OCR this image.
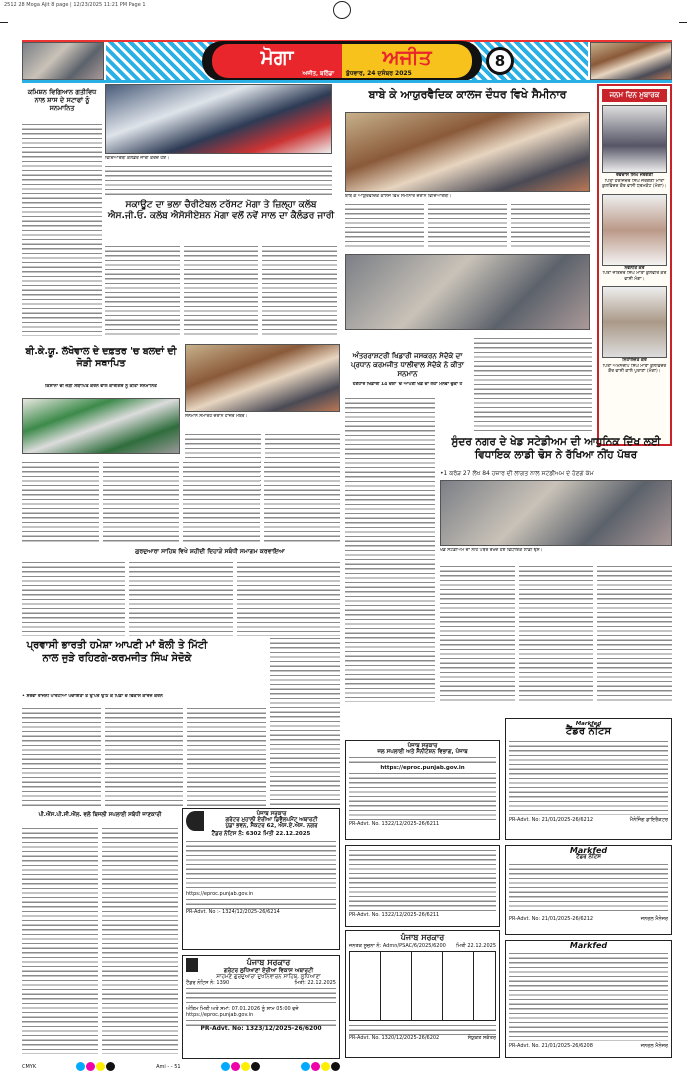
2512 28 Moga Ajit 8 page | 12/23/2025 11:21 PM Page 1
ਮੋਗਾ
ਅਜੀਤ, ਬਠਿੰਡਾ
ਅਜੀਤ
ਬੁੱਧਵਾਰ, 24 ਦਸੰਬਰ 2025
8
ਕਮਿਸ਼ਨ ਵਿਗਿਆਨ ਗਤੀਵਿਧ ਨਾਲ ਸ਼ਾਸ ਦੇ ਸਟਾਫਾਂ ਨੂੰ ਸਨਮਾਨਿਤ
ਵਿਦਿਆਰਥੀ ਕਲੰਡਰ ਜਾਰੀ ਕਰਦੇ ਹੋਏ।
ਸਕਾਊਟ ਦਾ ਭਲਾ ਚੈਰੀਟੇਬਲ ਟਰੱਸਟ ਮੋਗਾ ਤੇ ਜ਼ਿਲ੍ਹਾ ਕਲੱਬ ਐਸ.ਜੀ.ਓ. ਕਲੱਬ ਐਸੋਸੀਏਸ਼ਨ ਮੋਗਾ ਵਲੋਂ ਨਵੇਂ ਸਾਲ ਦਾ ਕੈਲੰਡਰ ਜਾਰੀ
ਬਾਬੇ ਕੇ ਆਯੁਰਵੈਦਿਕ ਕਾਲਜ ਦੌਧਰ ਵਿਖੇ ਸੈਮੀਨਾਰ
ਬਾਬੇ ਕੇ ਆਯੁਰਵੈਦਿਕ ਕਾਲਜ ਵਿਖੇ ਸੈਮੀਨਾਰ ਦੌਰਾਨ ਵਿਦਿਆਰਥੀ।
ਜਨਮ ਦਿਨ ਮੁਬਾਰਕ
ਰਵਦਾਸ ਸਿੰਘ ਜਰਗਣੀ
ਪਿਤਾ ਹਰਜਿੰਦਰ ਸਿੰਘ ਜਰਗਣੀ ਮਾਤਾ ਕੁਲਵਿੰਦਰ ਕੌਰ ਵਾਸੀ ਧਰਮਕੋਟ (ਮੋਗਾ)।
ਨਵਨੀਤ ਕੌਰ
ਪਿਤਾ ਜਤਿੰਦਰ ਸਿੰਘ ਮਾਤਾ ਕੁਲਵੀਰ ਕੌਰ ਵਾਸੀ ਮੋਗਾ।
ਨਿਹਾਲਜੋਤ ਕੌਰ
ਪਿਤਾ ਅਮਨਦੀਪ ਸਿੰਘ ਮਾਤਾ ਕੁਲਵਿੰਦਰ ਕੌਰ ਵਾਸੀ ਕਾਲੇ ਪੁਰਾਣਾ (ਮੋਗਾ)।
ਅੰਤਰਰਾਸ਼ਟਰੀ ਖਿਡਾਰੀ ਜਸਕਰਨ ਸੇਦੋਕੇ ਦਾ ਪ੍ਰਧਾਨ ਕਰਮਜੀਤ ਧਾਲੀਵਾਲ ਸੇਦੋਕੇ ਨੇ ਕੀਤਾ ਸਨਮਾਨ
ਹੋਣਹਾਰ ਖਿਡਾਰੀ 14 ਦੇਸ਼ਾਂ 'ਚ ਆਪਣੀ ਖੇਡ ਦਾ ਲੋਹਾ ਮਨਵਾ ਚੁੱਕਾ ਹੈ
ਬੀ.ਕੇ.ਯੂ. ਲੱਖੋਵਾਲ ਦੇ ਦਫ਼ਤਰ 'ਚ ਬਲਦਾਂ ਦੀ ਜੋੜੀ ਸਥਾਪਿਤ
ਕਿਸਾਨਾਂ ਦੀ ਜੋੜੀ ਸਥਾਪਿਤ ਕਰਨ ਵਾਲੇ ਕਾਰੀਗਰ ਨੂੰ ਕੀਤਾ ਸਨਮਾਨਿਤ
ਸਨਮਾਨ ਸਮਾਰੋਹ ਦੌਰਾਨ ਹਾਜ਼ਰ ਮੈਂਬਰ।
ਗੁਰਦੁਆਰਾ ਸਾਹਿਬ ਵਿਖੇ ਸ਼ਹੀਦੀ ਦਿਹਾੜੇ ਸਬੰਧੀ ਸਮਾਗਮ ਕਰਵਾਇਆ
ਸੁੰਦਰ ਨਗਰ ਦੇ ਖੇਡ ਸਟੇਡੀਅਮ ਦੀ ਆਧੁਨਿਕ ਦਿੱਖ ਲਈ ਵਿਧਾਇਕ ਲਾਡੀ ਢੋਸ ਨੇ ਰੱਖਿਆ ਨੀਂਹ ਪੱਥਰ
•1 ਕਰੋੜ 27 ਲੱਖ 84 ਹਜ਼ਾਰ ਦੀ ਲਾਗਤ ਨਾਲ ਸਟੇਡੀਅਮ ਦੇ ਹੋਣਗੇ ਕੰਮ
ਖੇਡ ਸਟੇਡੀਅਮ ਦਾ ਨੀਂਹ ਪੱਥਰ ਰੱਖਦੇ ਹੋਏ ਵਿਧਾਇਕ ਲਾਡੀ ਢੋਸ।
ਪ੍ਰਵਾਸੀ ਭਾਰਤੀ ਹਮੇਸ਼ਾ ਆਪਣੀ ਮਾਂ ਬੋਲੀ ਤੇ ਮਿੱਟੀ ਨਾਲ ਜੁੜੇ ਰਹਿਣਗੇ-ਕਰਮਜੀਤ ਸਿੰਘ ਸੇਦੋਕੇ
• ਸਰਵਾਂ ਰਾਜਨੀ ਪਾਰਟੀਆਂ ਪੰਚਾਇਤਾਂ ਤੋਂ ਉੱਪਰ ਉੱਠ ਕੇ ਪਿੰਡਾਂ ਦੇ ਵਿਕਾਸ ਕਾਰਜ ਕਰਨ
ਪੀ.ਐੱਸ.ਪੀ.ਸੀ.ਐੱਲ. ਵਲੋਂ ਬਿਜਲੀ ਸਪਲਾਈ ਸਬੰਧੀ ਜਾਣਕਾਰੀ	ਪੰਜਾਬ ਸਰਕਾਰ
ਗਰੇਟਰ ਮੁਹਾਲੀ ਏਰੀਆ ਡਿਵੈਲਪਮੈਂਟ ਅਥਾਰਟੀ
ਪੁੱਡਾ ਭਵਨ, ਸੈਕਟਰ 62, ਐਸ.ਏ.ਐਸ. ਨਗਰ
ਟੈਂਡਰ ਨੋਟਿਸ ਨੰ: 6302 ਮਿਤੀ 22.12.2025
https://eproc.punjab.gov.in
PR-Advt. No :- 1324/12/2025-26/6214
ਪੰਜਾਬ ਸਰਕਾਰ
ਗਰੇਟਰ ਲੁਧਿਆਣਾ ਏਰੀਆ ਵਿਕਾਸ ਅਥਾਰਟੀ
ਸਾਹਮਣੇ ਗੁਰਦੁਆਰਾ ਦੁਖਨਿਵਾਰਨ ਸਾਹਿਬ, ਲੁਧਿਆਣਾ
ਟੈਂਡਰ ਨੋਟਿਸ ਨੰ: 1390	ਮਿਤੀ: 22.12.2025
ਅੰਤਿਮ ਮਿਤੀ ਅਤੇ ਸਮਾਂ: 07.01.2026 ਨੂੰ ਸ਼ਾਮ 05:00 ਵਜੇ
https://eproc.punjab.gov.in
PR-Advt. No: 1323/12/2025-26/6200
ਪੰਜਾਬ ਸਰਕਾਰ
ਜਲ ਸਪਲਾਈ ਅਤੇ ਸੈਨੀਟੇਸ਼ਨ ਵਿਭਾਗ, ਪੰਜਾਬ
https://eproc.punjab.gov.in
PR-Advt. No. 1322/12/2025-26/6211
PR-Advt. No. 1322/12/2025-26/6211
ਪੰਜਾਬ ਸਰਕਾਰ
ਜਨਤਕ ਸੂਚਨਾ ਨੰ: Admn/PSAC/6/2025/6200 ਮਿਤੀ 22.12.2025
PR-Advt. No. 1320/12/2025-26/6202	ਸੰਯੁਕਤ ਸਕੱਤਰ
Markfed
ਟੈਂਡਰ ਨੋਟਿਸ
PR-Advt. No: 21/01/2025-26/6212	ਮੈਨੇਜਿੰਗ ਡਾਇਰੈਕਟਰ
Markfed
ਟੈਂਡਰ ਨੋਟਿਸ
PR-Advt. No: 21/01/2025-26/6212	ਜਨਰਲ ਮੈਨੇਜਰ
Markfed
PR-Advt. No. 21/01/2025-26/6208	ਜਨਰਲ ਮੈਨੇਜਰ
CMYK	Ami - - 51
